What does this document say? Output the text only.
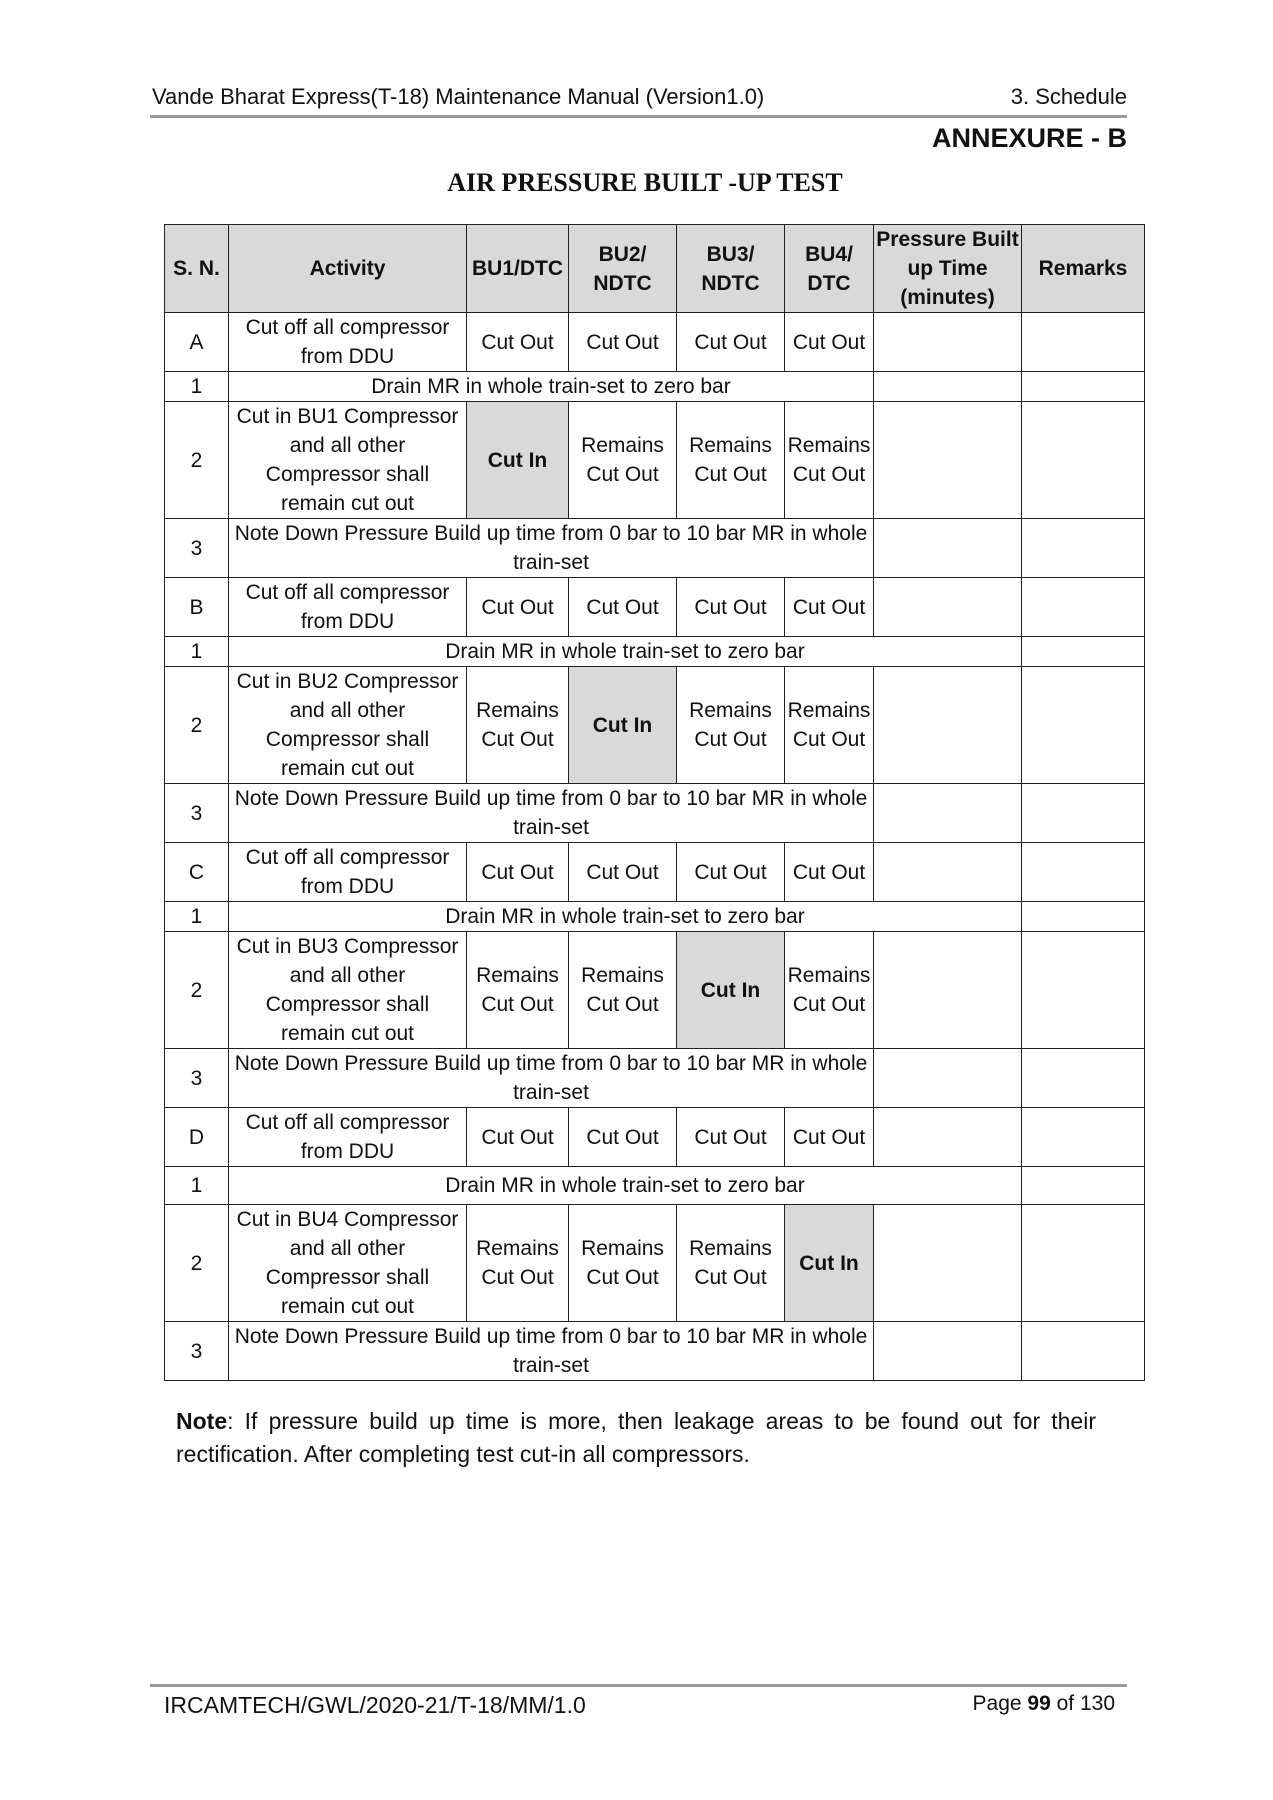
Vande Bharat Express(T-18) Maintenance Manual (Version1.0)	3. Schedule
ANNEXURE - B
AIR PRESSURE BUILT -UP TEST
S. N.	Activity	BU1/DTC	BU2/ NDTC	BU3/ NDTC	BU4/ DTC	Pressure Built up Time (minutes)	Remarks
A	Cut off all compressor from DDU	Cut Out	Cut Out	Cut Out	Cut Out		
1	Drain MR in whole train-set to zero bar						
2	Cut in BU1 Compressor and all other Compressor shall remain cut out	Cut In	Remains Cut Out	Remains Cut Out	Remains Cut Out		
3	Note Down Pressure Build up time from 0 bar to 10 bar MR in whole train-set						
B	Cut off all compressor from DDU	Cut Out	Cut Out	Cut Out	Cut Out		
1	Drain MR in whole train-set to zero bar						
2	Cut in BU2 Compressor and all other Compressor shall remain cut out	Remains Cut Out	Cut In	Remains Cut Out	Remains Cut Out		
3	Note Down Pressure Build up time from 0 bar to 10 bar MR in whole train-set						
C	Cut off all compressor from DDU	Cut Out	Cut Out	Cut Out	Cut Out		
1	Drain MR in whole train-set to zero bar						
2	Cut in BU3 Compressor and all other Compressor shall remain cut out	Remains Cut Out	Remains Cut Out	Cut In	Remains Cut Out		
3	Note Down Pressure Build up time from 0 bar to 10 bar MR in whole train-set						
D	Cut off all compressor from DDU	Cut Out	Cut Out	Cut Out	Cut Out		
1	Drain MR in whole train-set to zero bar						
2	Cut in BU4 Compressor and all other Compressor shall remain cut out	Remains Cut Out	Remains Cut Out	Remains Cut Out	Cut In		
3	Note Down Pressure Build up time from 0 bar to 10 bar MR in whole train-set						
Note: If pressure build up time is more, then leakage areas to be found out for their rectification. After completing test cut-in all compressors.
IRCAMTECH/GWL/2020-21/T-18/MM/1.0	Page 99 of 130
